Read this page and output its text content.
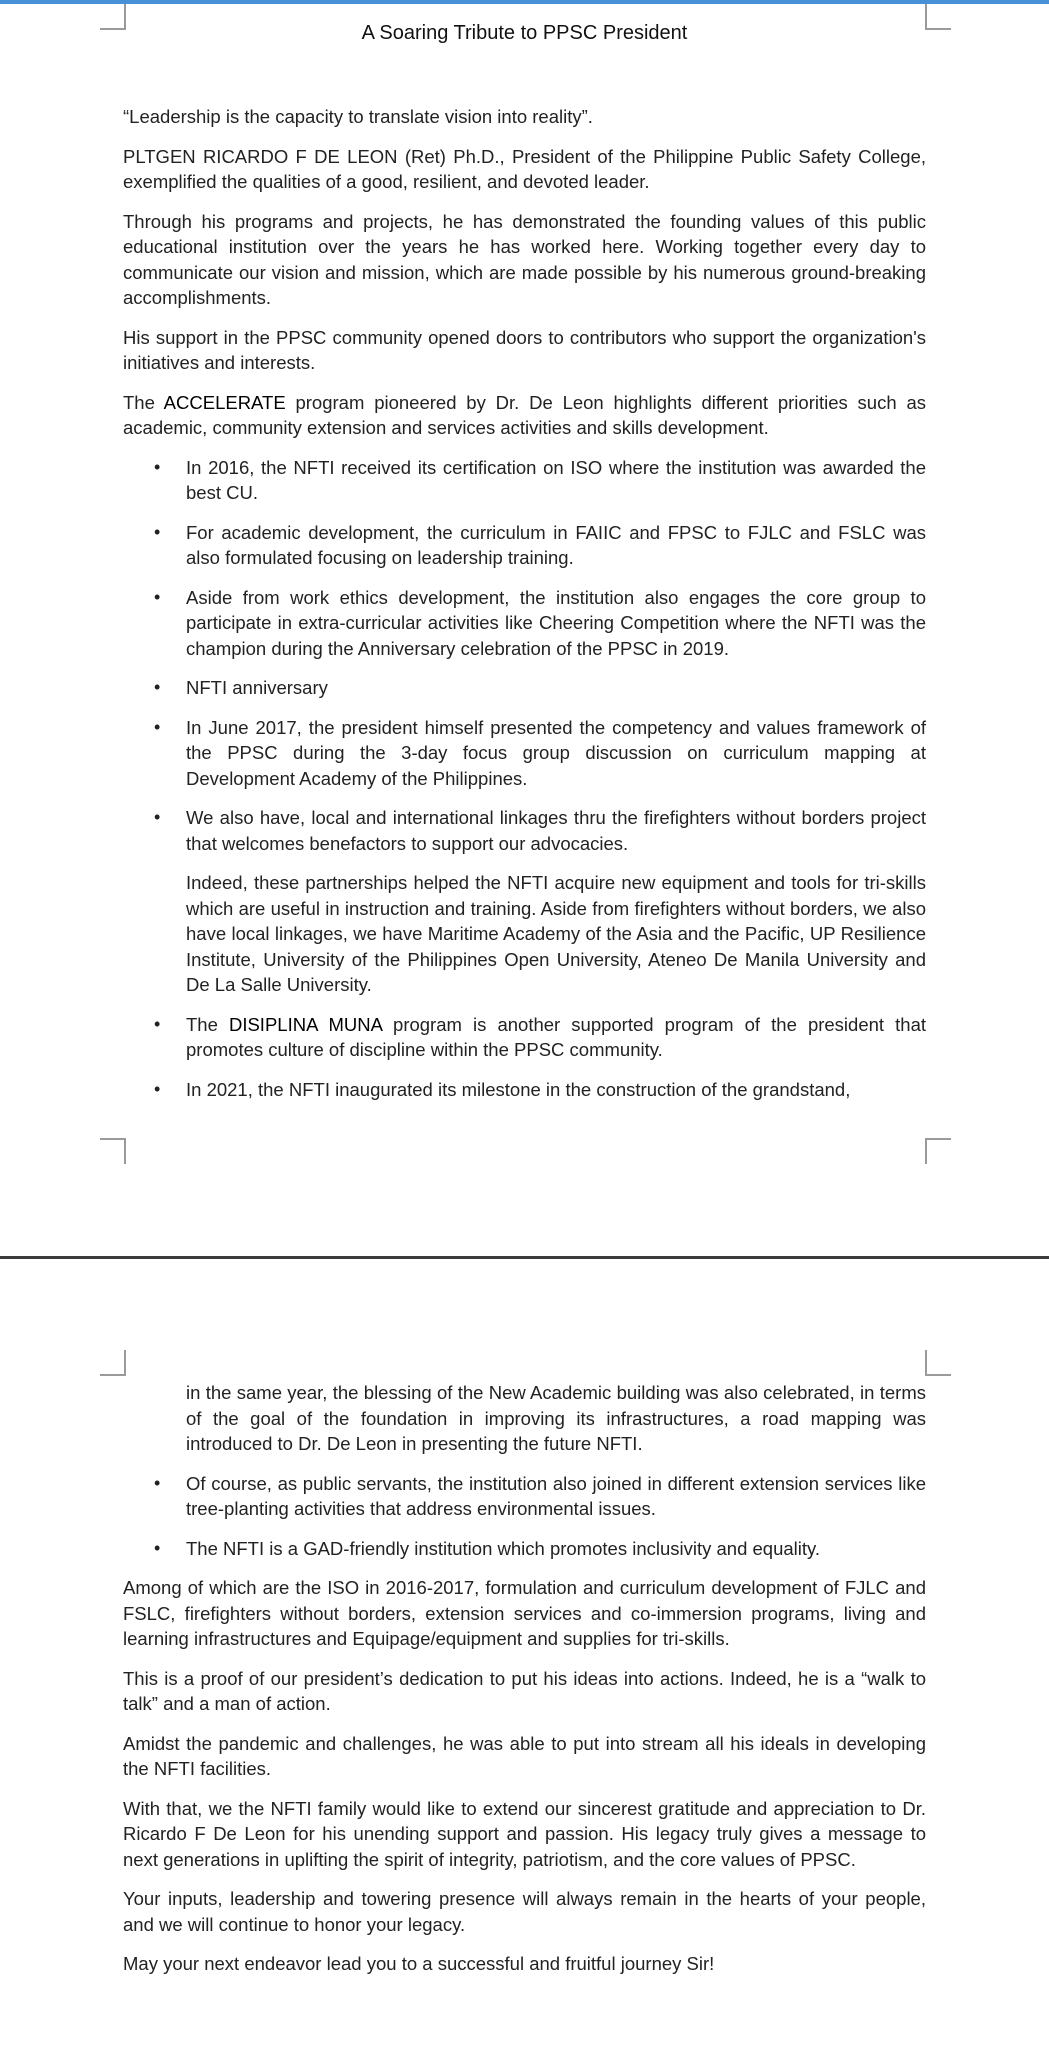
A Soaring Tribute to PPSC President

“Leadership is the capacity to translate vision into reality”.

PLTGEN RICARDO F DE LEON (Ret) Ph.D., President of the Philippine Public Safety College, exemplified the qualities of a good, resilient, and devoted leader.

Through his programs and projects, he has demonstrated the founding values of this public educational institution over the years he has worked here. Working together every day to communicate our vision and mission, which are made possible by his numerous ground-breaking accomplishments.

His support in the PPSC community opened doors to contributors who support the organization's initiatives and interests.

The ACCELERATE program pioneered by Dr. De Leon highlights different priorities such as academic, community extension and services activities and skills development.

• In 2016, the NFTI received its certification on ISO where the institution was awarded the best CU.
• For academic development, the curriculum in FAIIC and FPSC to FJLC and FSLC was also formulated focusing on leadership training.
• Aside from work ethics development, the institution also engages the core group to participate in extra-curricular activities like Cheering Competition where the NFTI was the champion during the Anniversary celebration of the PPSC in 2019.
• NFTI anniversary
• In June 2017, the president himself presented the competency and values framework of the PPSC during the 3-day focus group discussion on curriculum mapping at Development Academy of the Philippines.
• We also have, local and international linkages thru the firefighters without borders project that welcomes benefactors to support our advocacies.
Indeed, these partnerships helped the NFTI acquire new equipment and tools for tri-skills which are useful in instruction and training. Aside from firefighters without borders, we also have local linkages, we have Maritime Academy of the Asia and the Pacific, UP Resilience Institute, University of the Philippines Open University, Ateneo De Manila University and De La Salle University.
• The DISIPLINA MUNA program is another supported program of the president that promotes culture of discipline within the PPSC community.
• In 2021, the NFTI inaugurated its milestone in the construction of the grandstand,
in the same year, the blessing of the New Academic building was also celebrated, in terms of the goal of the foundation in improving its infrastructures, a road mapping was introduced to Dr. De Leon in presenting the future NFTI.
• Of course, as public servants, the institution also joined in different extension services like tree-planting activities that address environmental issues.
• The NFTI is a GAD-friendly institution which promotes inclusivity and equality.

Among of which are the ISO in 2016-2017, formulation and curriculum development of FJLC and FSLC, firefighters without borders, extension services and co-immersion programs, living and learning infrastructures and Equipage/equipment and supplies for tri-skills.

This is a proof of our president’s dedication to put his ideas into actions. Indeed, he is a “walk to talk” and a man of action.

Amidst the pandemic and challenges, he was able to put into stream all his ideals in developing the NFTI facilities.

With that, we the NFTI family would like to extend our sincerest gratitude and appreciation to Dr. Ricardo F De Leon for his unending support and passion. His legacy truly gives a message to next generations in uplifting the spirit of integrity, patriotism, and the core values of PPSC.

Your inputs, leadership and towering presence will always remain in the hearts of your people, and we will continue to honor your legacy.

May your next endeavor lead you to a successful and fruitful journey Sir!
